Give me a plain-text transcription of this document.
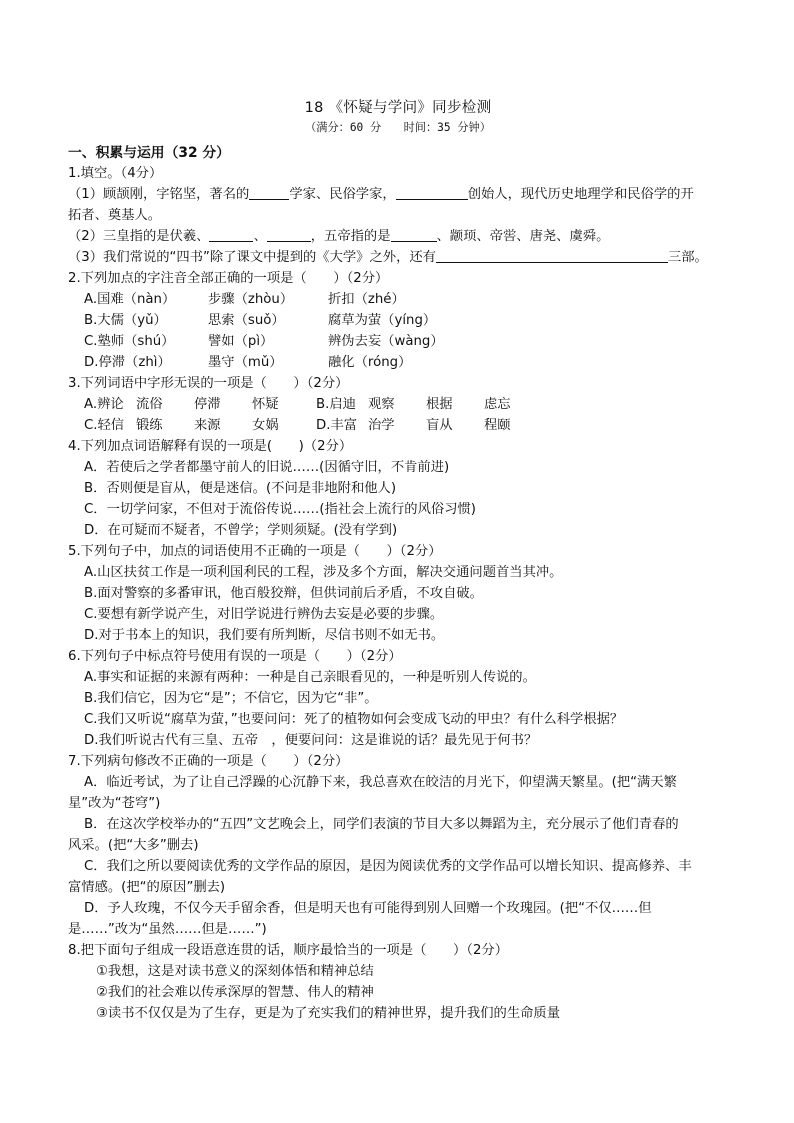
18 《怀疑与学问》同步检测

（满分：60 分　　时间：35 分钟）

一、积累与运用（32 分）

1.填空。（4分）

（1）顾颉刚，字铭坚，著名的	学家、民俗学家，	创始人，现代历史地理学和民俗学的开

拓者、奠基人。

（2）三皇指的是伏羲、	、	，五帝指的是	、颛顼、帝喾、唐尧、虞舜。

（3）我们常说的“四书”除了课文中提到的《大学》之外，还有	三部。

2.下列加点的字注音全部正确的一项是（　　）（2分）

A.国难（nàn）	步骤（zhòu）	折扣（zhé）
B.大儒（yǔ）	思索（suǒ）	腐草为萤（yíng）
C.塾师（shú）	譬如（pì）	辨伪去妄（wàng）
D.停滞（zhì）	墨守（mǔ）	融化（róng）

3.下列词语中字形无误的一项是（　　）（2分）

A.辨论 流俗	停滞	怀疑	B.启迪 观察	根据	虑忘
C.轻信 锻练	来源	女娲	D.丰富 治学	盲从	程颐

4.下列加点词语解释有误的一项是(　　)（2分）

A．若使后之学者都墨守前人的旧说……(因循守旧，不肯前进)

B．否则便是盲从，便是迷信。(不问是非地附和他人)

C．一切学问家，不但对于流俗传说……(指社会上流行的风俗习惯)

D．在可疑而不疑者，不曾学；学则须疑。(没有学到)

5.下列句子中，加点的词语使用不正确的一项是（　　）（2分）

A.山区扶贫工作是一项利国利民的工程，涉及多个方面，解决交通问题首当其冲。

B.面对警察的多番审讯，他百般狡辩，但供词前后矛盾，不攻自破。

C.要想有新学说产生，对旧学说进行辨伪去妄是必要的步骤。

D.对于书本上的知识，我们要有所判断，尽信书则不如无书。

6.下列句子中标点符号使用有误的一项是（　　）（2分）

A.事实和证据的来源有两种：一种是自己亲眼看见的，一种是听别人传说的。

B.我们信它，因为它“是”；不信它，因为它“非”。

C.我们又听说“腐草为萤，”也要问问：死了的植物如何会变成飞动的甲虫？有什么科学根据？

D.我们听说古代有三皇、五帝　，便要问问：这是谁说的话？最先见于何书？

7.下列病句修改不正确的一项是（　　）（2分）

A．临近考试，为了让自己浮躁的心沉静下来，我总喜欢在皎洁的月光下，仰望满天繁星。(把“满天繁

星”改为“苍穹”)

B．在这次学校举办的“五四”文艺晚会上，同学们表演的节目大多以舞蹈为主，充分展示了他们青春的

风采。(把“大多”删去)

C．我们之所以要阅读优秀的文学作品的原因，是因为阅读优秀的文学作品可以增长知识、提高修养、丰

富情感。(把“的原因”删去)

D．予人玫瑰，不仅今天手留余香，但是明天也有可能得到别人回赠一个玫瑰园。(把“不仅……但

是……”改为“虽然……但是……”)

8.把下面句子组成一段语意连贯的话，顺序最恰当的一项是（　　）（2分）

①我想，这是对读书意义的深刻体悟和精神总结

②我们的社会难以传承深厚的智慧、伟人的精神

③读书不仅仅是为了生存，更是为了充实我们的精神世界，提升我们的生命质量
